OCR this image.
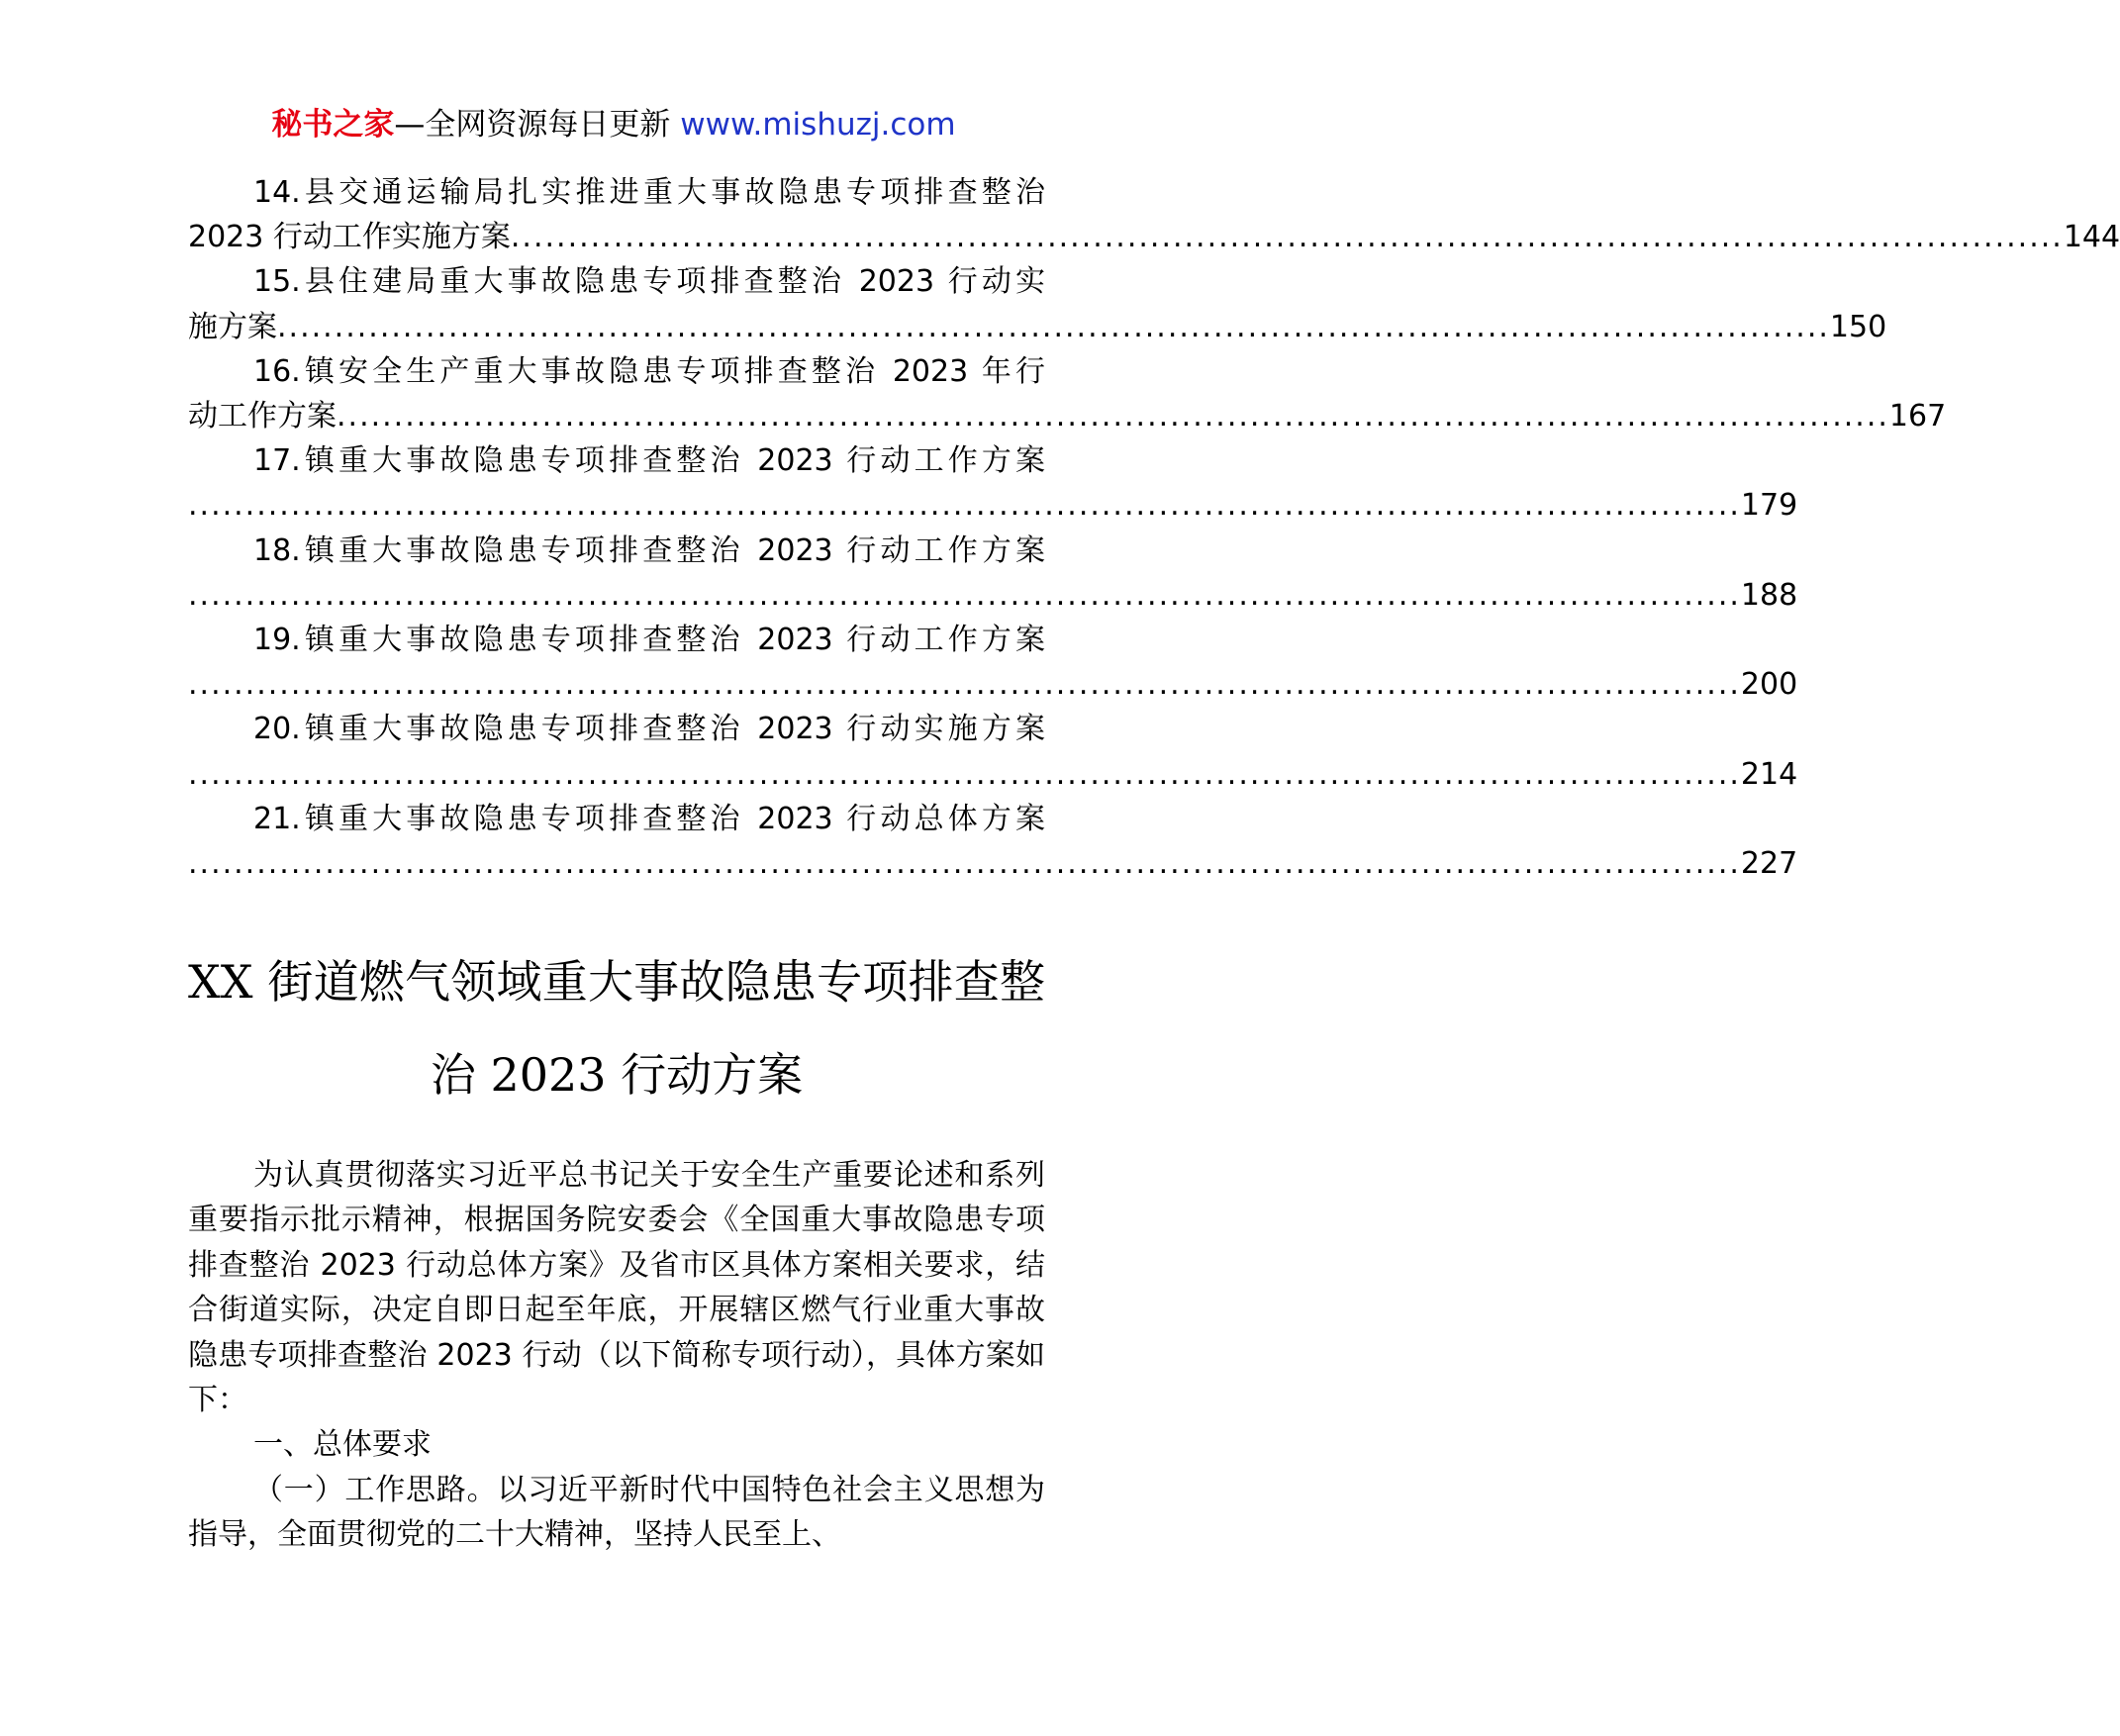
秘书之家—全网资源每日更新 www.mishuzj.com
14.县交通运输局扎实推进重大事故隐患专项排查整治
2023 行动工作实施方案 ........................................................................................................................................ 144
15.县住建局重大事故隐患专项排查整治 2023 行动实
施方案 ........................................................................................................................................ 150
16.镇安全生产重大事故隐患专项排查整治 2023 年行
动工作方案 ........................................................................................................................................ 167
17.镇重大事故隐患专项排查整治 2023 行动工作方案
........................................................................................................................................ 179
18.镇重大事故隐患专项排查整治 2023 行动工作方案
........................................................................................................................................ 188
19.镇重大事故隐患专项排查整治 2023 行动工作方案
........................................................................................................................................ 200
20.镇重大事故隐患专项排查整治 2023 行动实施方案
........................................................................................................................................ 214
21.镇重大事故隐患专项排查整治 2023 行动总体方案
........................................................................................................................................ 227
XX 街道燃气领域重大事故隐患专项排查整
治 2023 行动方案

为认真贯彻落实习近平总书记关于安全生产重要论述和系列重要指示批示精神，根据国务院安委会《全国重大事故隐患专项排查整治 2023 行动总体方案》及省市区具体方案相关要求，结合街道实际，决定自即日起至年底，开展辖区燃气行业重大事故隐患专项排查整治 2023 行动（以下简称专项行动），具体方案如下：

一、总体要求

（一）工作思路。以习近平新时代中国特色社会主义思想为指导，全面贯彻党的二十大精神，坚持人民至上、
